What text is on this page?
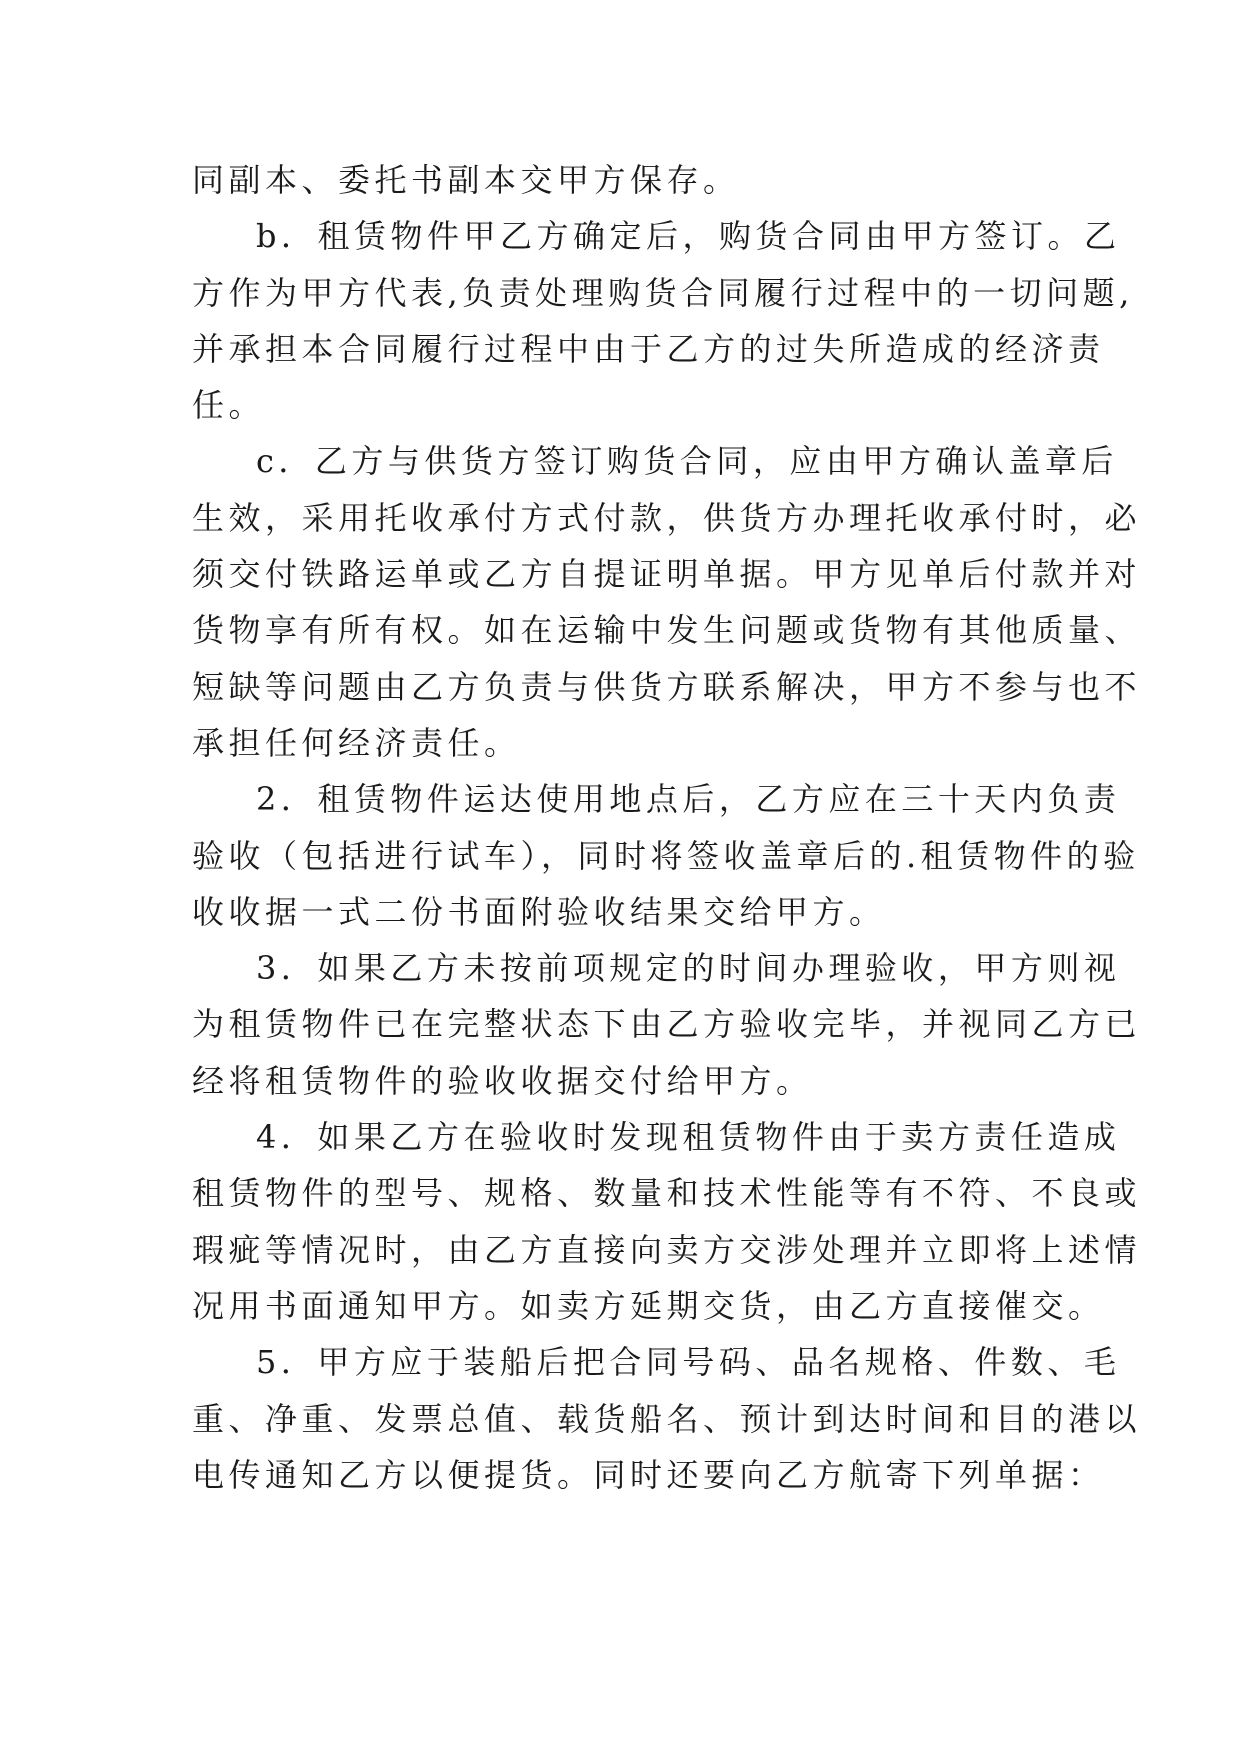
同副本、委托书副本交甲方保存。
b．租赁物件甲乙方确定后，购货合同由甲方签订。乙
方作为甲方代表,负责处理购货合同履行过程中的一切问题,
并承担本合同履行过程中由于乙方的过失所造成的经济责
任。
c．乙方与供货方签订购货合同，应由甲方确认盖章后
生效，采用托收承付方式付款，供货方办理托收承付时，必
须交付铁路运单或乙方自提证明单据。甲方见单后付款并对
货物享有所有权。如在运输中发生问题或货物有其他质量、
短缺等问题由乙方负责与供货方联系解决，甲方不参与也不
承担任何经济责任。
2．租赁物件运达使用地点后，乙方应在三十天内负责
验收（包括进行试车），同时将签收盖章后的.租赁物件的验
收收据一式二份书面附验收结果交给甲方。
3．如果乙方未按前项规定的时间办理验收，甲方则视
为租赁物件已在完整状态下由乙方验收完毕，并视同乙方已
经将租赁物件的验收收据交付给甲方。
4．如果乙方在验收时发现租赁物件由于卖方责任造成
租赁物件的型号、规格、数量和技术性能等有不符、不良或
瑕疵等情况时，由乙方直接向卖方交涉处理并立即将上述情
况用书面通知甲方。如卖方延期交货，由乙方直接催交。
5．甲方应于装船后把合同号码、品名规格、件数、毛
重、净重、发票总值、载货船名、预计到达时间和目的港以
电传通知乙方以便提货。同时还要向乙方航寄下列单据：
